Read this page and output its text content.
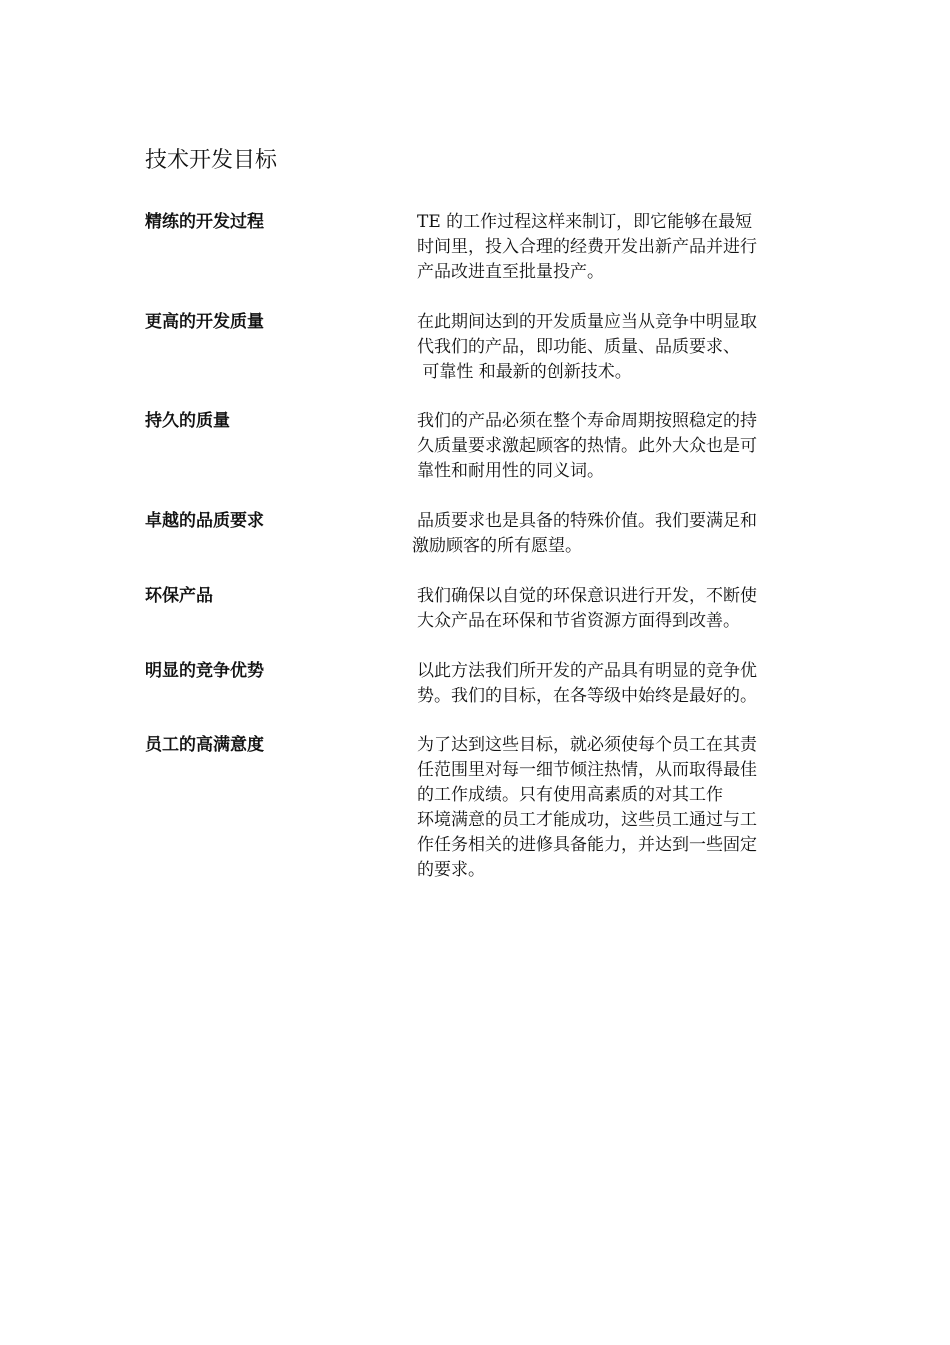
技术开发目标
精练的开发过程	TE 的工作过程这样来制订，即它能够在最短
时间里，投入合理的经费开发出新产品并进行
产品改进直至批量投产。
更高的开发质量	在此期间达到的开发质量应当从竞争中明显取
代我们的产品，即功能、质量、品质要求、
可靠性 和最新的创新技术。
持久的质量	我们的产品必须在整个寿命周期按照稳定的持
久质量要求激起顾客的热情。此外大众也是可
靠性和耐用性的同义词。
卓越的品质要求	品质要求也是具备的特殊价值。我们要满足和
激励顾客的所有愿望。
环保产品	我们确保以自觉的环保意识进行开发，不断使
大众产品在环保和节省资源方面得到改善。
明显的竞争优势	以此方法我们所开发的产品具有明显的竞争优
势。我们的目标，在各等级中始终是最好的。
员工的高满意度	为了达到这些目标，就必须使每个员工在其责
任范围里对每一细节倾注热情，从而取得最佳
的工作成绩。只有使用高素质的对其工作
环境满意的员工才能成功，这些员工通过与工
作任务相关的进修具备能力，并达到一些固定
的要求。
